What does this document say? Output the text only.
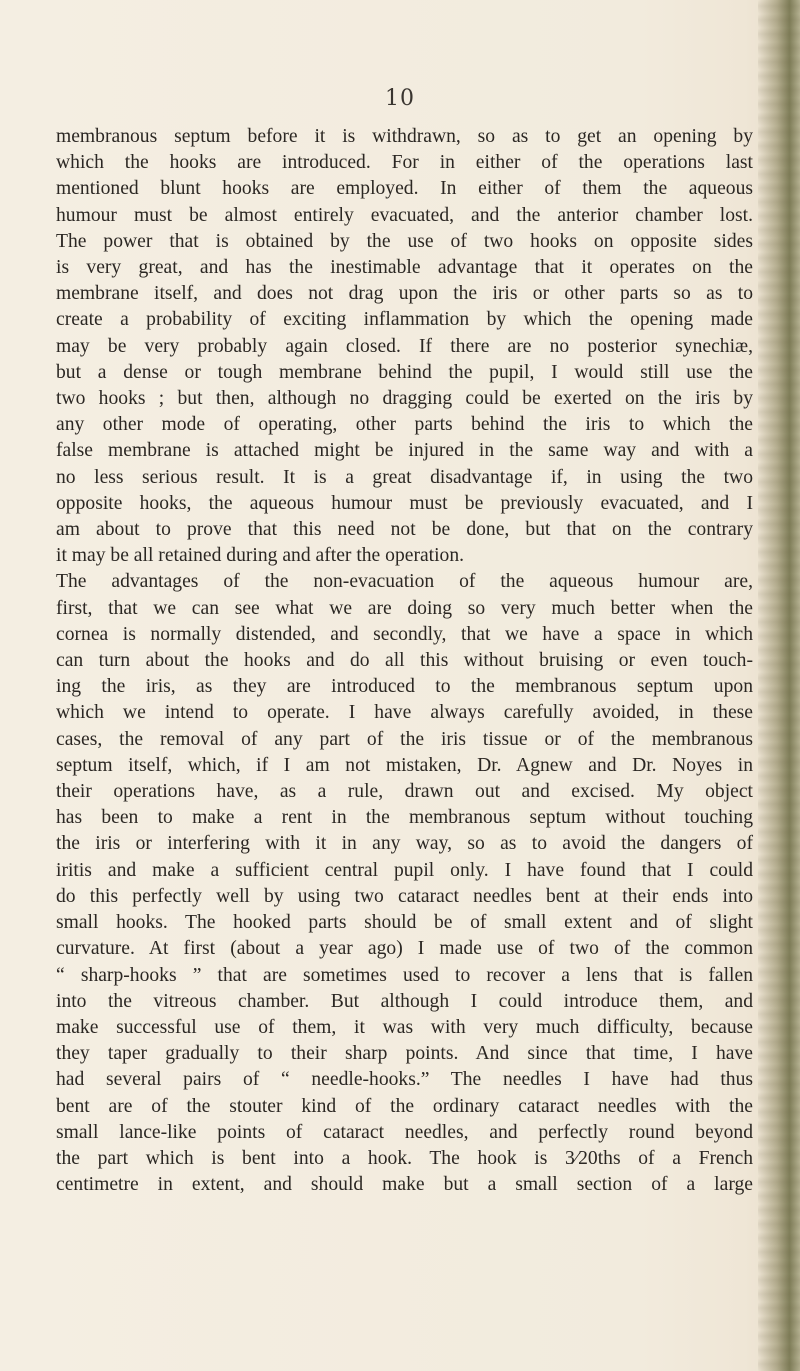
10
membranous septum before it is withdrawn, so as to get an opening by
which the hooks are introduced. For in either of the operations last
mentioned blunt hooks are employed. In either of them the aqueous
humour must be almost entirely evacuated, and the anterior chamber lost.
The power that is obtained by the use of two hooks on opposite sides
is very great, and has the inestimable advantage that it operates on the
membrane itself, and does not drag upon the iris or other parts so as to
create a probability of exciting inflammation by which the opening made
may be very probably again closed. If there are no posterior synechiæ,
but a dense or tough membrane behind the pupil, I would still use the
two hooks ; but then, although no dragging could be exerted on the iris by
any other mode of operating, other parts behind the iris to which the
false membrane is attached might be injured in the same way and with a
no less serious result. It is a great disadvantage if, in using the two
opposite hooks, the aqueous humour must be previously evacuated, and I
am about to prove that this need not be done, but that on the contrary
it may be all retained during and after the operation.
The advantages of the non-evacuation of the aqueous humour are,
first, that we can see what we are doing so very much better when the
cornea is normally distended, and secondly, that we have a space in which
can turn about the hooks and do all this without bruising or even touch-
ing the iris, as they are introduced to the membranous septum upon
which we intend to operate. I have always carefully avoided, in these
cases, the removal of any part of the iris tissue or of the membranous
septum itself, which, if I am not mistaken, Dr. Agnew and Dr. Noyes in
their operations have, as a rule, drawn out and excised. My object
has been to make a rent in the membranous septum without touching
the iris or interfering with it in any way, so as to avoid the dangers of
iritis and make a sufficient central pupil only. I have found that I could
do this perfectly well by using two cataract needles bent at their ends into
small hooks. The hooked parts should be of small extent and of slight
curvature. At first (about a year ago) I made use of two of the common
“ sharp-hooks ” that are sometimes used to recover a lens that is fallen
into the vitreous chamber. But although I could introduce them, and
make successful use of them, it was with very much difficulty, because
they taper gradually to their sharp points. And since that time, I have
had several pairs of “ needle-hooks.” The needles I have had thus
bent are of the stouter kind of the ordinary cataract needles with the
small lance-like points of cataract needles, and perfectly round beyond
the part which is bent into a hook. The hook is 3⁄20ths of a French
centimetre in extent, and should make but a small section of a large
